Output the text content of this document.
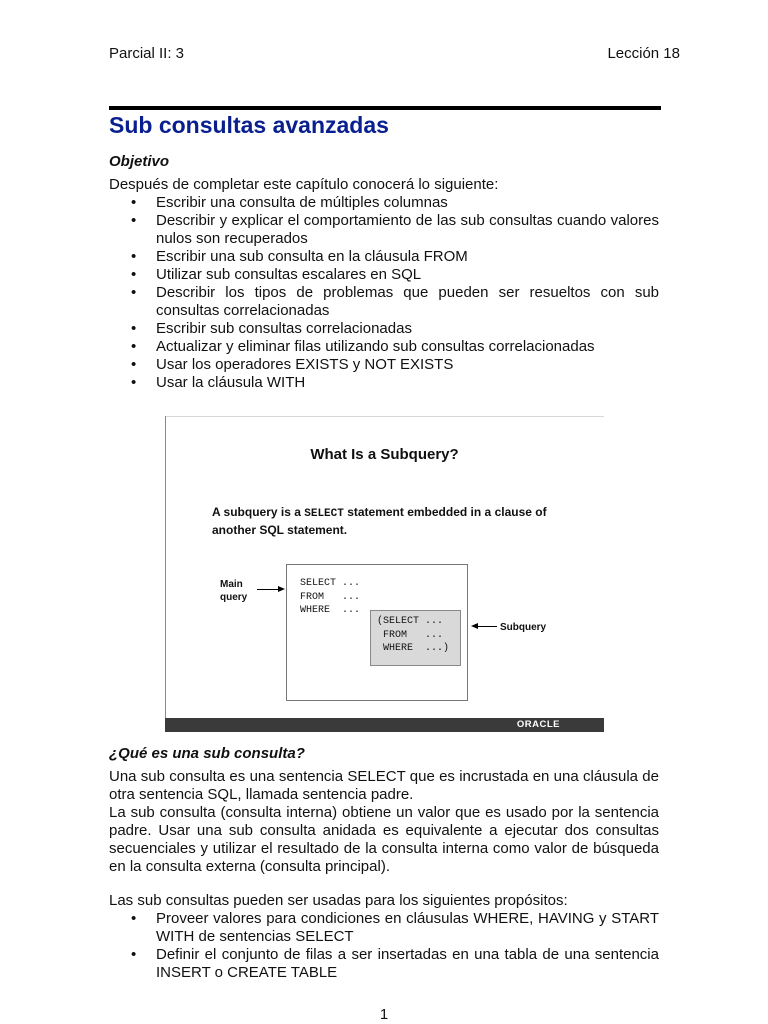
Parcial II: 3	Lección 18
Sub consultas avanzadas
Objetivo
Después de completar este capítulo conocerá lo siguiente:
• Escribir una consulta de múltiples columnas
• Describir y explicar el comportamiento de las sub consultas cuando valores nulos son recuperados
• Escribir una sub consulta en la cláusula FROM
• Utilizar sub consultas escalares en SQL
• Describir los tipos de problemas que pueden ser resueltos con sub consultas correlacionadas
• Escribir sub consultas correlacionadas
• Actualizar y eliminar filas utilizando sub consultas correlacionadas
• Usar los operadores EXISTS y NOT EXISTS
• Usar la cláusula WITH
What Is a Subquery?
A subquery is a SELECT statement embedded in a clause of another SQL statement.
Main
query
SELECT ...
FROM   ...
WHERE  ...
(SELECT ...
FROM   ...
WHERE  ...)
Subquery
ORACLE
¿Qué es una sub consulta?

Una sub consulta es una sentencia SELECT que es incrustada en una cláusula de otra sentencia SQL, llamada sentencia padre.

La sub consulta (consulta interna) obtiene un valor que es usado por la sentencia padre. Usar una sub consulta anidada es equivalente a ejecutar dos consultas secuenciales y utilizar el resultado de la consulta interna como valor de búsqueda en la consulta externa (consulta principal).

Las sub consultas pueden ser usadas para los siguientes propósitos:

• Proveer valores para condiciones en cláusulas WHERE, HAVING y START WITH de sentencias SELECT
• Definir el conjunto de filas a ser insertadas en una tabla de una sentencia INSERT o CREATE TABLE
1
